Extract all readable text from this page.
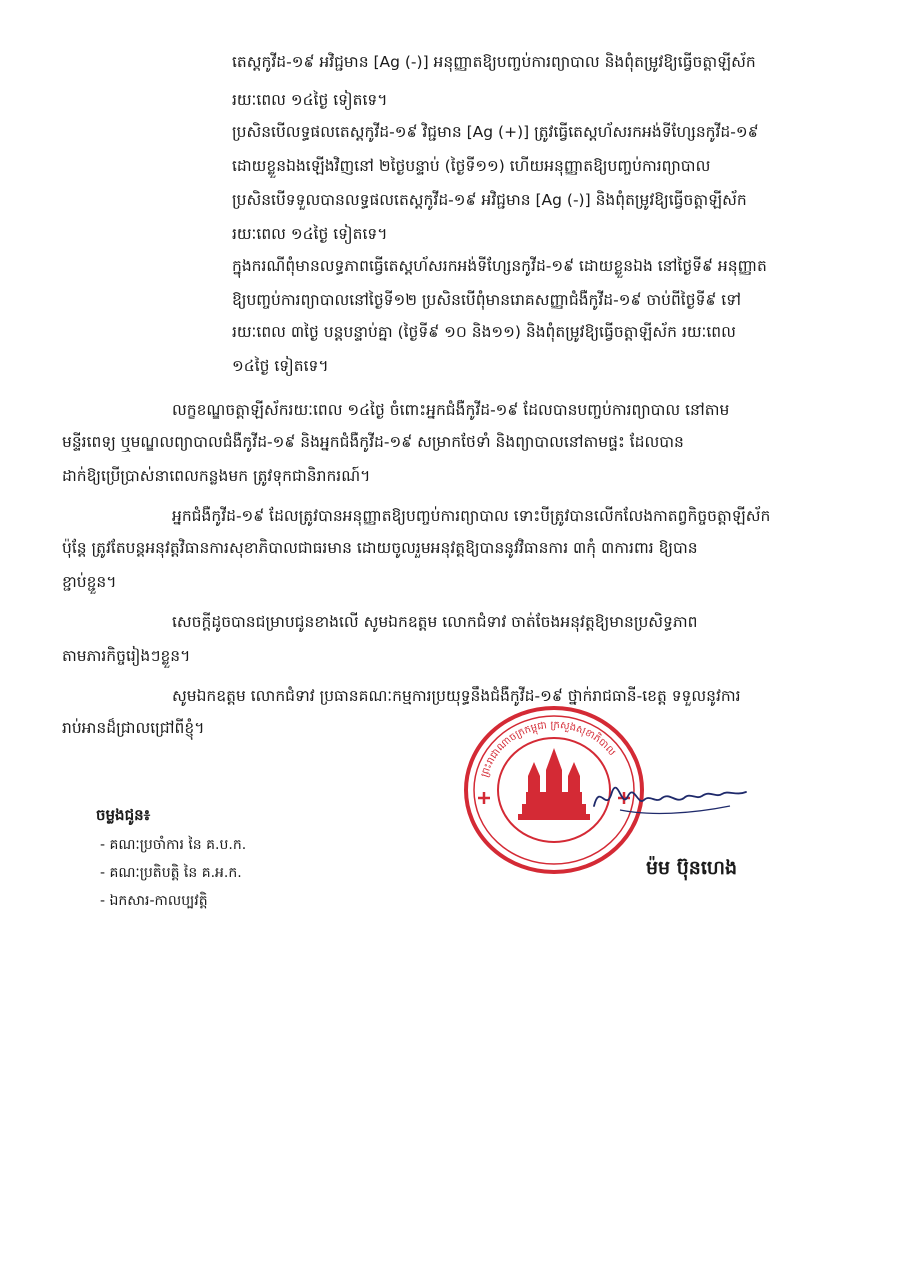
តេស្តកូវីដ-១៩ អវិជ្ជមាន [Ag (-)] អនុញ្ញាតឱ្យបញ្ចប់ការព្យាបាល និងពុំតម្រូវឱ្យធ្វើចត្តាឡីស័ក
រយៈពេល ១៤ថ្ងៃ ទៀតទេ។
ប្រសិនបើលទ្ធផលតេស្តកូវីដ-១៩ វិជ្ជមាន [Ag (+)] ត្រូវធ្វើតេស្តហ័សរកអង់ទីហ្សែនកូវីដ-១៩
ដោយខ្លួនឯងឡើងវិញនៅ ២ថ្ងៃបន្ទាប់ (ថ្ងៃទី១១) ហើយអនុញ្ញាតឱ្យបញ្ចប់ការព្យាបាល
ប្រសិនបើទទួលបានលទ្ធផលតេស្តកូវីដ-១៩ អវិជ្ជមាន [Ag (-)] និងពុំតម្រូវឱ្យធ្វើចត្តាឡីស័ក
រយៈពេល ១៤ថ្ងៃ ទៀតទេ។
ក្នុងករណីពុំមានលទ្ធភាពធ្វើតេស្តហ័សរកអង់ទីហ្សែនកូវីដ-១៩ ដោយខ្លួនឯង នៅថ្ងៃទី៩ អនុញ្ញាត
ឱ្យបញ្ចប់ការព្យាបាលនៅថ្ងៃទី១២ ប្រសិនបើពុំមានរោគសញ្ញាជំងឺកូវីដ-១៩ ចាប់ពីថ្ងៃទី៩ ទៅ
រយៈពេល ៣ថ្ងៃ បន្តបន្ទាប់គ្នា (ថ្ងៃទី៩ ១០ និង១១) និងពុំតម្រូវឱ្យធ្វើចត្តាឡីស័ក រយៈពេល
១៤ថ្ងៃ ទៀតទេ។
លក្ខខណ្ឌចត្តាឡីស័ករយៈពេល ១៤ថ្ងៃ ចំពោះអ្នកជំងឺកូវីដ-១៩ ដែលបានបញ្ចប់ការព្យាបាល នៅតាម
មន្ទីរពេទ្យ ឬមណ្ឌលព្យាបាលជំងឺកូវីដ-១៩ និងអ្នកជំងឺកូវីដ-១៩ សម្រាកថែទាំ និងព្យាបាលនៅតាមផ្ទះ ដែលបាន
ដាក់ឱ្យប្រើប្រាស់នាពេលកន្លងមក ត្រូវទុកជានិរាករណ៍។
អ្នកជំងឺកូវីដ-១៩ ដែលត្រូវបានអនុញ្ញាតឱ្យបញ្ចប់ការព្យាបាល ទោះបីត្រូវបានលើកលែងកាតព្វកិច្ចចត្តាឡីស័ក
ប៉ុន្តែ ត្រូវតែបន្តអនុវត្តវិធានការសុខាភិបាលជាធរមាន ដោយចូលរួមអនុវត្តឱ្យបាននូវវិធានការ ៣កុំ ៣ការពារ ឱ្យបាន
ខ្ជាប់ខ្ជួន។
សេចក្តីដូចបានជម្រាបជូនខាងលើ សូមឯកឧត្តម លោកជំទាវ ចាត់ចែងអនុវត្តឱ្យមានប្រសិទ្ធភាព
តាមភារកិច្ចរៀងៗខ្លួន។
សូមឯកឧត្តម លោកជំទាវ ប្រធានគណៈកម្មការប្រយុទ្ធនឹងជំងឺកូវីដ-១៩ ថ្នាក់រាជធានី-ខេត្ត ទទួលនូវការ
រាប់អានដ៏ជ្រាលជ្រៅពីខ្ញុំ។
ព្រះរាជាណាចក្រកម្ពុជា ក្រសួងសុខាភិបាល
ម៉ម ប៊ុនហេង
ចម្លងជូន៖
- គណៈប្រចាំការ នៃ គ.ប.ក.
- គណៈប្រតិបត្តិ នៃ គ.អ.ក.
- ឯកសារ-កាលប្បវត្តិ
